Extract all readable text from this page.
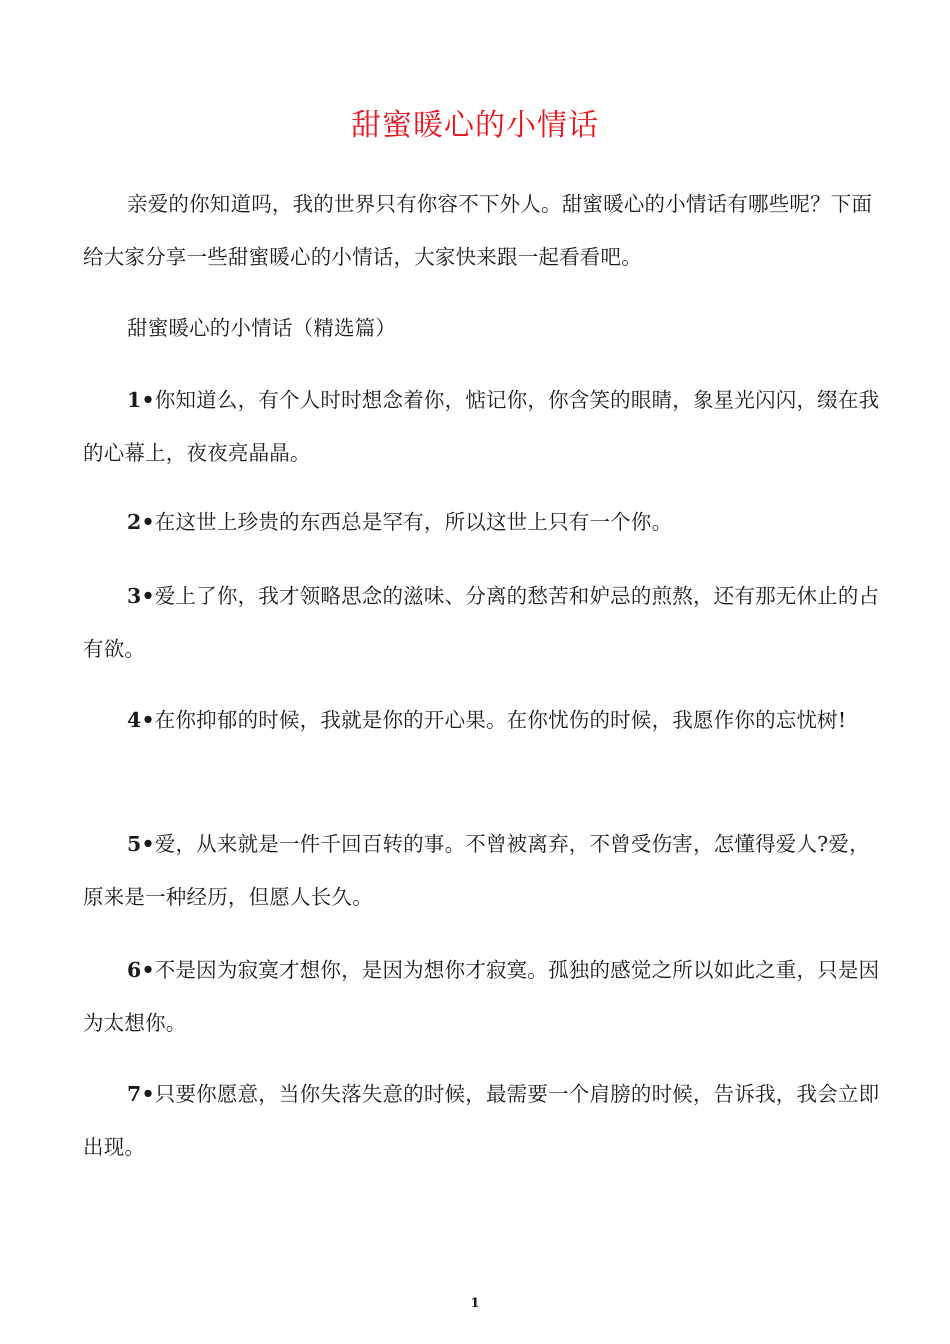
甜蜜暖心的小情话

亲爱的你知道吗，我的世界只有你容不下外人。甜蜜暖心的小情话有哪些呢？下面给大家分享一些甜蜜暖心的小情话，大家快来跟一起看看吧。

甜蜜暖心的小情话（精选篇）

1•你知道么，有个人时时想念着你，惦记你，你含笑的眼睛，象星光闪闪，缀在我的心幕上，夜夜亮晶晶。

2•在这世上珍贵的东西总是罕有，所以这世上只有一个你。

3•爱上了你，我才领略思念的滋味、分离的愁苦和妒忌的煎熬，还有那无休止的占有欲。

4•在你抑郁的时候，我就是你的开心果。在你忧伤的时候，我愿作你的忘忧树!

5•爱，从来就是一件千回百转的事。不曾被离弃，不曾受伤害，怎懂得爱人?爱，原来是一种经历，但愿人长久。

6•不是因为寂寞才想你，是因为想你才寂寞。孤独的感觉之所以如此之重，只是因为太想你。

7•只要你愿意，当你失落失意的时候，最需要一个肩膀的时候，告诉我，我会立即出现。

1
